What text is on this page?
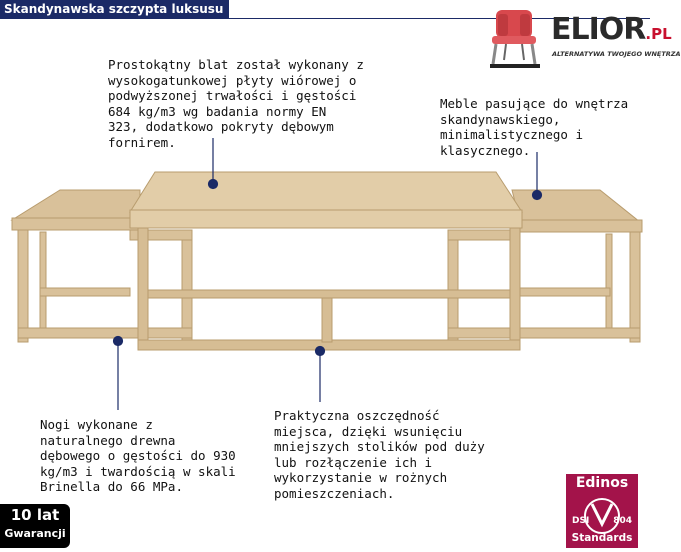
Skandynawska szczypta luksusu
ELIOR.PL
ALTERNATYWA TWOJEGO WNĘTRZA
Prostokątny blat został wykonany z
wysokogatunkowej płyty wiórowej o
podwyższonej trwałości i gęstości
684 kg/m3 wg badania normy EN
323, dodatkowo pokryty dębowym
fornirem.
Meble pasujące do wnętrza
skandynawskiego,
minimalistycznego i
klasycznego.
Nogi wykonane z
naturalnego drewna
dębowego o gęstości do 930
kg/m3 i twardością w skali
Brinella do 66 MPa.
Praktyczna oszczędność
miejsca, dzięki wsunięciu
mniejszych stolików pod duży
lub rozłączenie ich i
wykorzystanie w rożnych
pomieszczeniach.
10 lat
Gwarancji
Edinos
DSI	804
Standards
